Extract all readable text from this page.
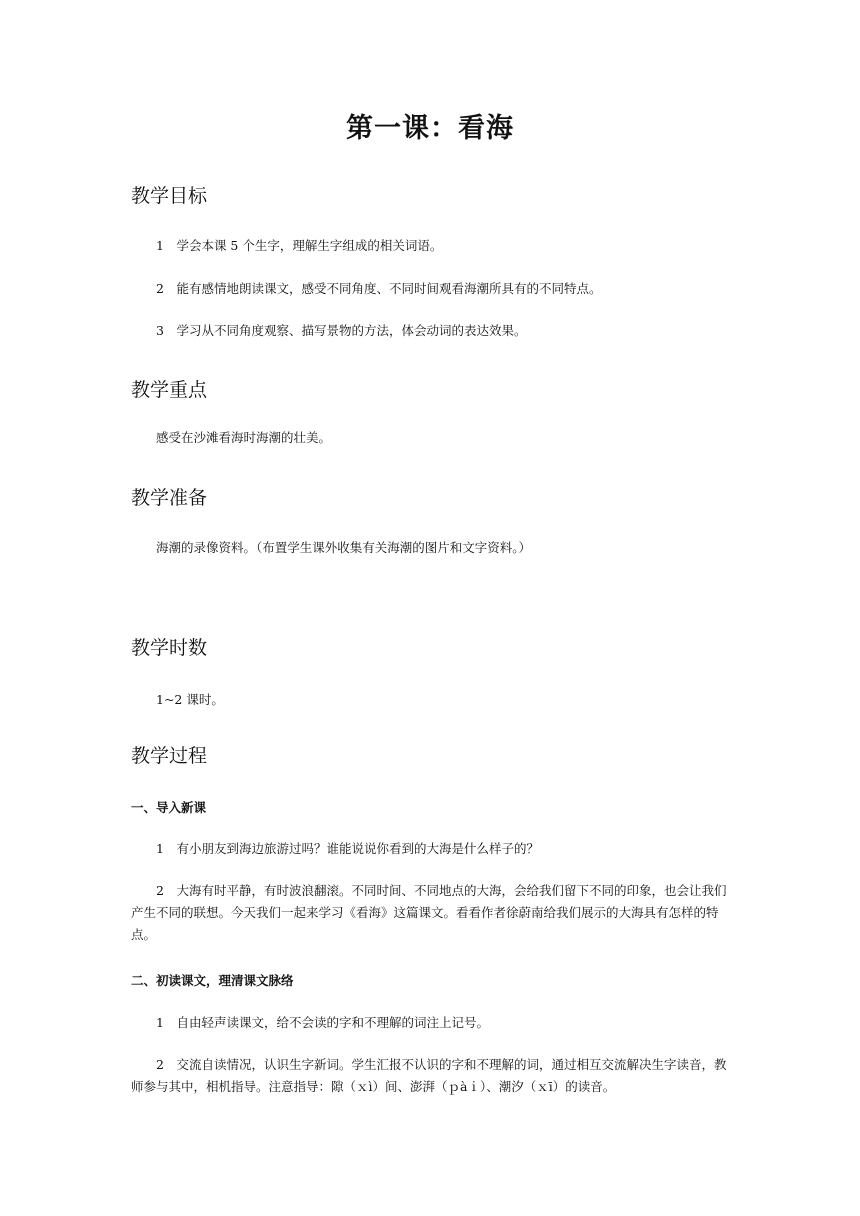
第一课：看海
教学目标

1　学会本课 5 个生字，理解生字组成的相关词语。

2　能有感情地朗读课文，感受不同角度、不同时间观看海潮所具有的不同特点。

3　学习从不同角度观察、描写景物的方法，体会动词的表达效果。

教学重点

感受在沙滩看海时海潮的壮美。

教学准备

海潮的录像资料。（布置学生课外收集有关海潮的图片和文字资料。）

教学时数

1~2 课时。

教学过程
一、导入新课

1　有小朋友到海边旅游过吗？谁能说说你看到的大海是什么样子的？

2　大海有时平静，有时波浪翻滚。不同时间、不同地点的大海，会给我们留下不同的印象，也会让我们产生不同的联想。今天我们一起来学习《看海》这篇课文。看看作者徐蔚南给我们展示的大海具有怎样的特点。

二、初读课文，理清课文脉络

1　自由轻声读课文，给不会读的字和不理解的词注上记号。

2　交流自读情况，认识生字新词。学生汇报不认识的字和不理解的词，通过相互交流解决生字读音，教师参与其中，相机指导。注意指导：隙（ｘì）间、澎湃（ｐàｉ）、潮汐（ｘī）的读音。
